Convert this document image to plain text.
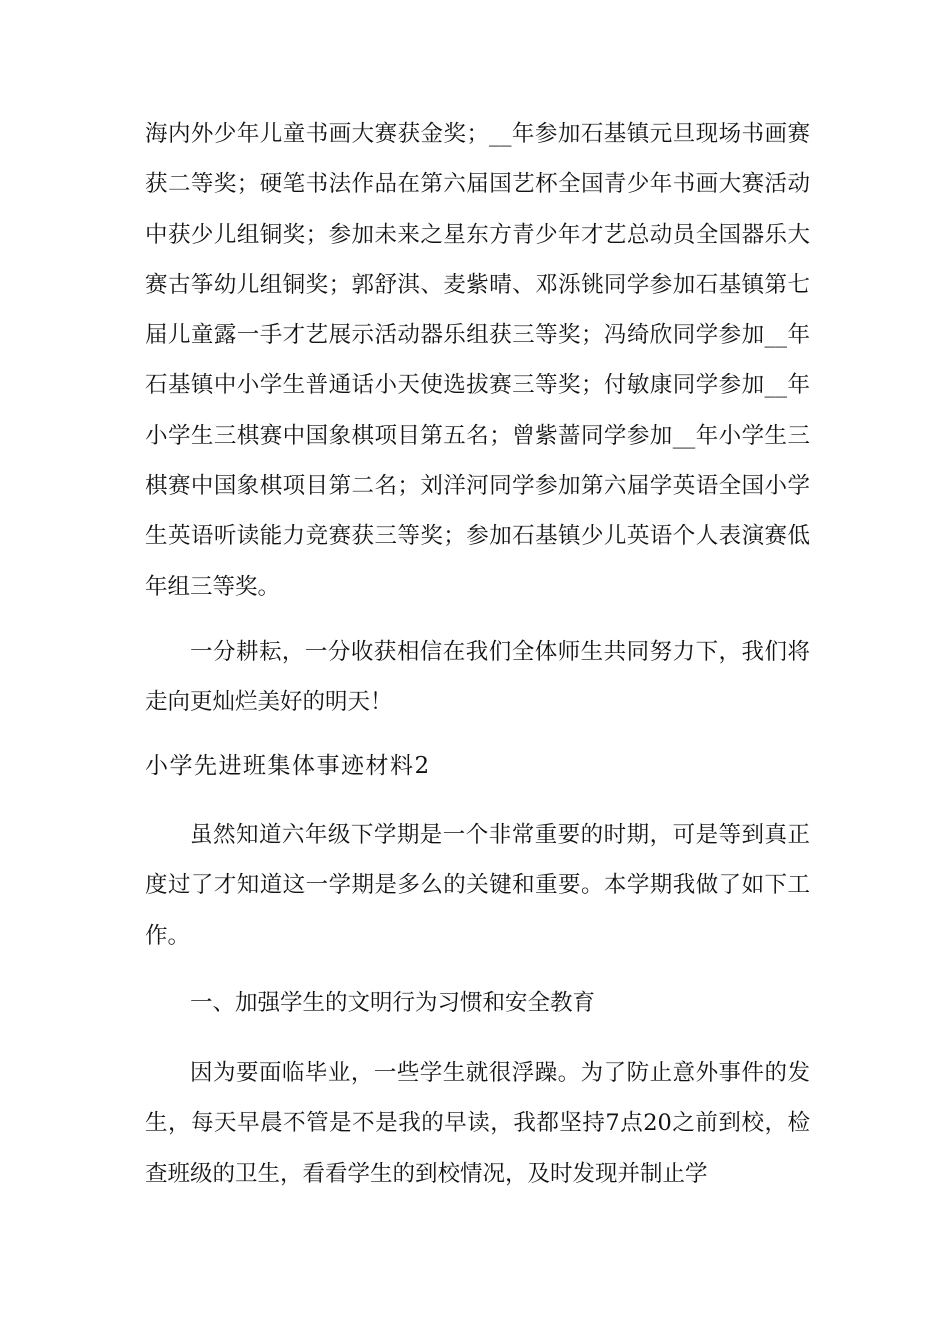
海内外少年儿童书画大赛获金奖；__年参加石基镇元旦现场书画赛获二等奖；硬笔书法作品在第六届国艺杯全国青少年书画大赛活动中获少儿组铜奖；参加未来之星东方青少年才艺总动员全国器乐大赛古筝幼儿组铜奖；郭舒淇、麦紫晴、邓泺铫同学参加石基镇第七届儿童露一手才艺展示活动器乐组获三等奖；冯绮欣同学参加__年石基镇中小学生普通话小天使选拔赛三等奖；付敏康同学参加__年小学生三棋赛中国象棋项目第五名；曾紫蔷同学参加__年小学生三棋赛中国象棋项目第二名；刘洋河同学参加第六届学英语全国小学生英语听读能力竞赛获三等奖；参加石基镇少儿英语个人表演赛低年组三等奖。

一分耕耘，一分收获相信在我们全体师生共同努力下，我们将走向更灿烂美好的明天！

小学先进班集体事迹材料2

虽然知道六年级下学期是一个非常重要的时期，可是等到真正度过了才知道这一学期是多么的关键和重要。本学期我做了如下工作。

一、加强学生的文明行为习惯和安全教育

因为要面临毕业，一些学生就很浮躁。为了防止意外事件的发生，每天早晨不管是不是我的早读，我都坚持7点20之前到校，检查班级的卫生，看看学生的到校情况，及时发现并制止学
